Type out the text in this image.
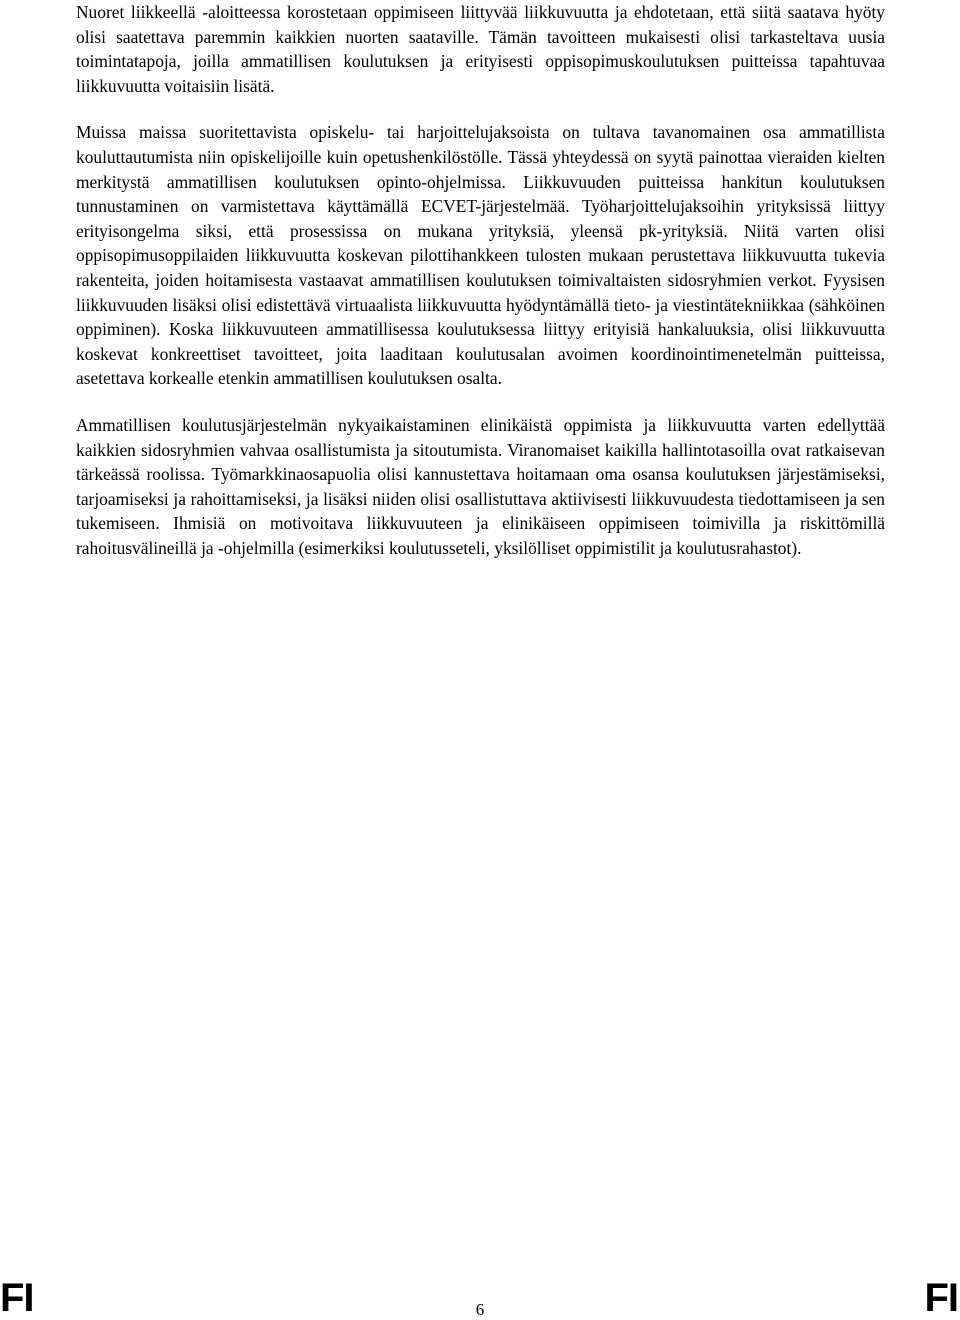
Nuoret liikkeellä -aloitteessa korostetaan oppimiseen liittyvää liikkuvuutta ja ehdotetaan, että siitä saatava hyöty olisi saatettava paremmin kaikkien nuorten saataville. Tämän tavoitteen mukaisesti olisi tarkasteltava uusia toimintatapoja, joilla ammatillisen koulutuksen ja erityisesti oppisopimuskoulutuksen puitteissa tapahtuvaa liikkuvuutta voitaisiin lisätä.

Muissa maissa suoritettavista opiskelu- tai harjoittelujaksoista on tultava tavanomainen osa ammatillista kouluttautumista niin opiskelijoille kuin opetushenkilöstölle. Tässä yhteydessä on syytä painottaa vieraiden kielten merkitystä ammatillisen koulutuksen opinto-ohjelmissa. Liikkuvuuden puitteissa hankitun koulutuksen tunnustaminen on varmistettava käyttämällä ECVET-järjestelmää. Työharjoittelujaksoihin yrityksissä liittyy erityisongelma siksi, että prosessissa on mukana yrityksiä, yleensä pk-yrityksiä. Niitä varten olisi oppisopimusoppilaiden liikkuvuutta koskevan pilottihankkeen tulosten mukaan perustettava liikkuvuutta tukevia rakenteita, joiden hoitamisesta vastaavat ammatillisen koulutuksen toimivaltaisten sidosryhmien verkot. Fyysisen liikkuvuuden lisäksi olisi edistettävä virtuaalista liikkuvuutta hyödyntämällä tieto- ja viestintätekniikkaa (sähköinen oppiminen). Koska liikkuvuuteen ammatillisessa koulutuksessa liittyy erityisiä hankaluuksia, olisi liikkuvuutta koskevat konkreettiset tavoitteet, joita laaditaan koulutusalan avoimen koordinointimenetelmän puitteissa, asetettava korkealle etenkin ammatillisen koulutuksen osalta.

Ammatillisen koulutusjärjestelmän nykyaikaistaminen elinikäistä oppimista ja liikkuvuutta varten edellyttää kaikkien sidosryhmien vahvaa osallistumista ja sitoutumista. Viranomaiset kaikilla hallintotasoilla ovat ratkaisevan tärkeässä roolissa. Työmarkkinaosapuolia olisi kannustettava hoitamaan oma osansa koulutuksen järjestämiseksi, tarjoamiseksi ja rahoittamiseksi, ja lisäksi niiden olisi osallistuttava aktiivisesti liikkuvuudesta tiedottamiseen ja sen tukemiseen. Ihmisiä on motivoitava liikkuvuuteen ja elinikäiseen oppimiseen toimivilla ja riskittömillä rahoitusvälineillä ja -ohjelmilla (esimerkiksi koulutusseteli, yksilölliset oppimistilit ja koulutusrahastot).

FI	6	FI
